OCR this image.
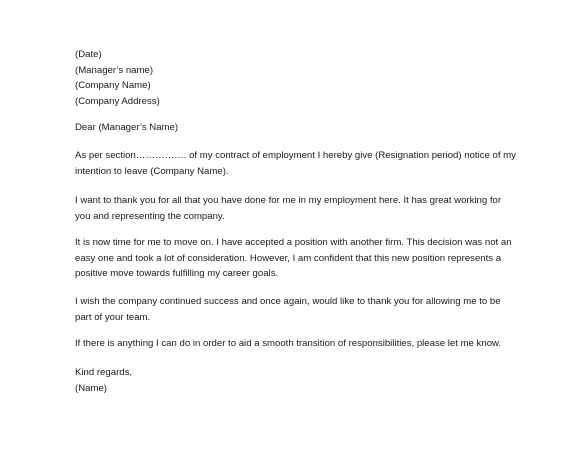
(Date)

(Manager’s name)

(Company Name)

(Company Address)

Dear (Manager’s Name)

As per section……………. of my contract of employment I hereby give (Resignation period) notice of my

intention to leave (Company Name).

I want to thank you for all that you have done for me in my employment here. It has great working for

you and representing the company.

It is now time for me to move on. I have accepted a position with another firm. This decision was not an

easy one and took a lot of consideration. However, I am confident that this new position represents a

positive move towards fulfilling my career goals.

I wish the company continued success and once again, would like to thank you for allowing me to be

part of your team.

If there is anything I can do in order to aid a smooth transition of responsibilities, please let me know.

Kind regards,

(Name)
